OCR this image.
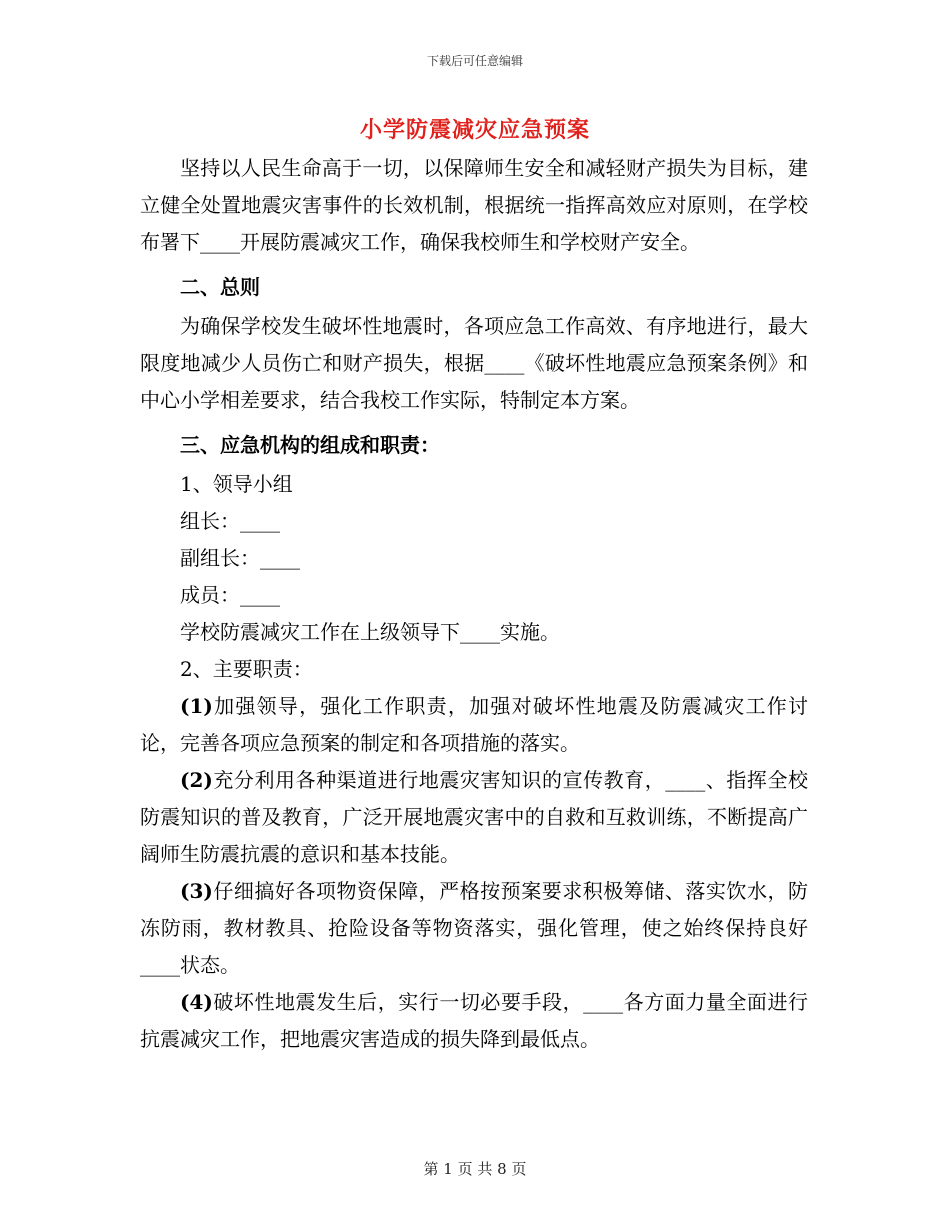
下载后可任意编辑
小学防震减灾应急预案

坚持以人民生命高于一切，以保障师生安全和减轻财产损失为目标，建立健全处置地震灾害事件的长效机制，根据统一指挥高效应对原则，在学校布署下____开展防震减灾工作，确保我校师生和学校财产安全。

二、总则

为确保学校发生破坏性地震时，各项应急工作高效、有序地进行，最大限度地减少人员伤亡和财产损失，根据____《破坏性地震应急预案条例》和中心小学相差要求，结合我校工作实际，特制定本方案。

三、应急机构的组成和职责：

1、领导小组

组长：____

副组长：____

成员：____

学校防震减灾工作在上级领导下____实施。

2、主要职责：

(1)加强领导，强化工作职责，加强对破坏性地震及防震减灾工作讨论，完善各项应急预案的制定和各项措施的落实。

(2)充分利用各种渠道进行地震灾害知识的宣传教育，____、指挥全校防震知识的普及教育，广泛开展地震灾害中的自救和互救训练，不断提高广阔师生防震抗震的意识和基本技能。

(3)仔细搞好各项物资保障，严格按预案要求积极筹储、落实饮水，防冻防雨，教材教具、抢险设备等物资落实，强化管理，使之始终保持良好____状态。

(4)破坏性地震发生后，实行一切必要手段，____各方面力量全面进行抗震减灾工作，把地震灾害造成的损失降到最低点。

第 1 页 共 8 页
